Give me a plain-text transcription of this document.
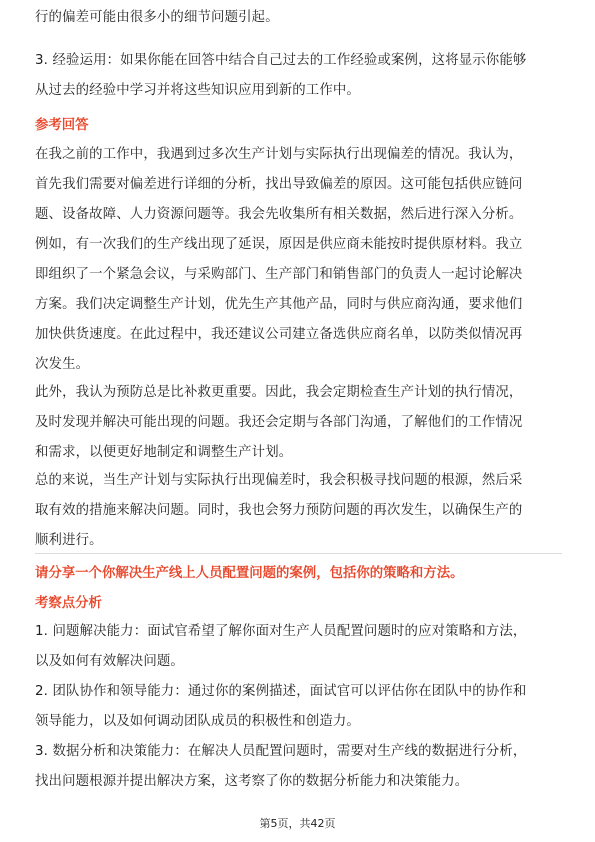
行的偏差可能由很多小的细节问题引起。
3. 经验运用：如果你能在回答中结合自己过去的工作经验或案例，这将显示你能够
从过去的经验中学习并将这些知识应用到新的工作中。
参考回答
在我之前的工作中，我遇到过多次生产计划与实际执行出现偏差的情况。我认为，
首先我们需要对偏差进行详细的分析，找出导致偏差的原因。这可能包括供应链问
题、设备故障、人力资源问题等。我会先收集所有相关数据，然后进行深入分析。
例如，有一次我们的生产线出现了延误，原因是供应商未能按时提供原材料。我立
即组织了一个紧急会议，与采购部门、生产部门和销售部门的负责人一起讨论解决
方案。我们决定调整生产计划，优先生产其他产品，同时与供应商沟通，要求他们
加快供货速度。在此过程中，我还建议公司建立备选供应商名单，以防类似情况再
次发生。
此外，我认为预防总是比补救更重要。因此，我会定期检查生产计划的执行情况，
及时发现并解决可能出现的问题。我还会定期与各部门沟通，了解他们的工作情况
和需求，以便更好地制定和调整生产计划。
总的来说，当生产计划与实际执行出现偏差时，我会积极寻找问题的根源，然后采
取有效的措施来解决问题。同时，我也会努力预防问题的再次发生，以确保生产的
顺利进行。
请分享一个你解决生产线上人员配置问题的案例，包括你的策略和方法。
考察点分析
1. 问题解决能力：面试官希望了解你面对生产人员配置问题时的应对策略和方法，
以及如何有效解决问题。
2. 团队协作和领导能力：通过你的案例描述，面试官可以评估你在团队中的协作和
领导能力，以及如何调动团队成员的积极性和创造力。
3. 数据分析和决策能力：在解决人员配置问题时，需要对生产线的数据进行分析，
找出问题根源并提出解决方案，这考察了你的数据分析能力和决策能力。
第5页，共42页
